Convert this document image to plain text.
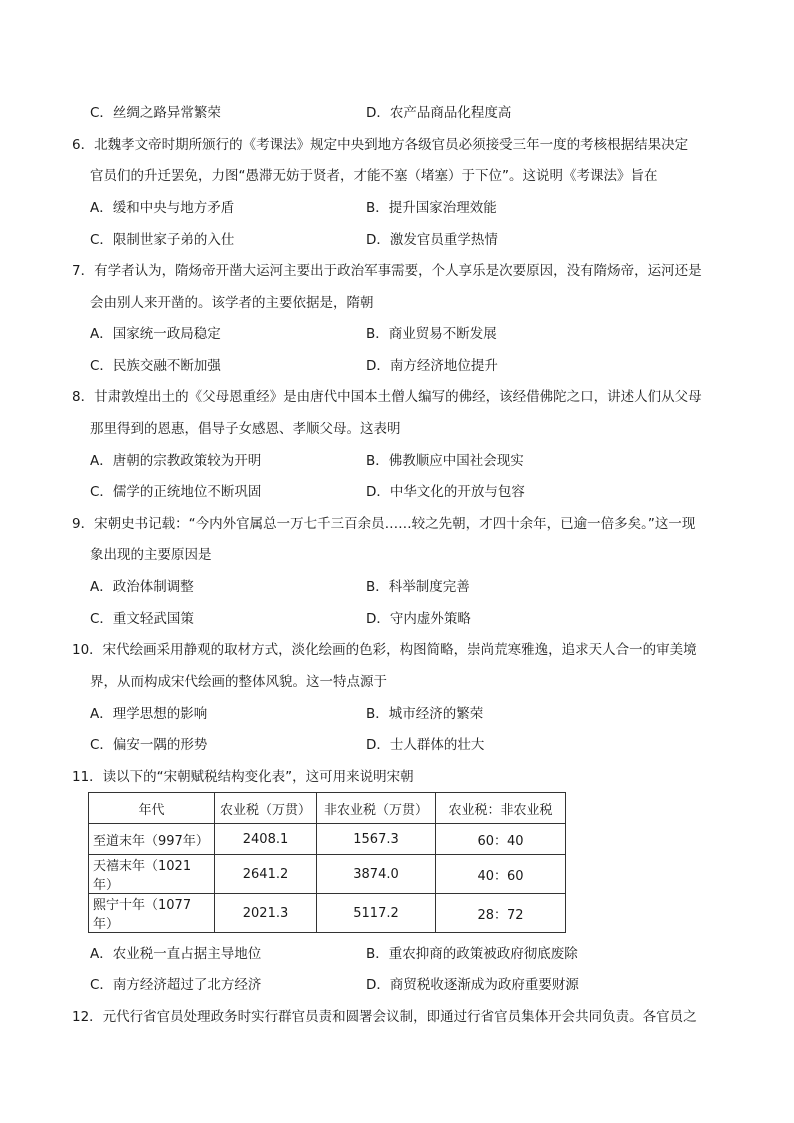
C．丝绸之路异常繁荣	D．农产品商品化程度高
6．北魏孝文帝时期所颁行的《考课法》规定中央到地方各级官员必须接受三年一度的考核根据结果决定
官员们的升迁罢免，力图“愚滞无妨于贤者，才能不塞（堵塞）于下位”。这说明《考课法》旨在
A．缓和中央与地方矛盾	B．提升国家治理效能
C．限制世家子弟的入仕	D．激发官员重学热情
7．有学者认为，隋炀帝开凿大运河主要出于政治军事需要，个人享乐是次要原因，没有隋炀帝，运河还是
会由别人来开凿的。该学者的主要依据是，隋朝
A．国家统一政局稳定	B．商业贸易不断发展
C．民族交融不断加强	D．南方经济地位提升
8．甘肃敦煌出土的《父母恩重经》是由唐代中国本土僧人编写的佛经，该经借佛陀之口，讲述人们从父母
那里得到的恩惠，倡导子女感恩、孝顺父母。这表明
A．唐朝的宗教政策较为开明	B．佛教顺应中国社会现实
C．儒学的正统地位不断巩固	D．中华文化的开放与包容
9．宋朝史书记载：“今内外官属总一万七千三百余员……较之先朝，才四十余年，已逾一倍多矣。”这一现
象出现的主要原因是
A．政治体制调整	B．科举制度完善
C．重文轻武国策	D．守内虚外策略
10．宋代绘画采用静观的取材方式，淡化绘画的色彩，构图简略，崇尚荒寒雅逸，追求天人合一的审美境
界，从而构成宋代绘画的整体风貌。这一特点源于
A．理学思想的影响	B．城市经济的繁荣
C．偏安一隅的形势	D．士人群体的壮大
11．读以下的“宋朝赋税结构变化表”，这可用来说明宋朝
年代	农业税（万贯）	非农业税（万贯）	农业税：非农业税
至道末年（997年）	2408.1	1567.3	60：40
天禧末年（1021年）	2641.2	3874.0	40：60
熙宁十年（1077年）	2021.3	5117.2	28：72
A．农业税一直占据主导地位	B．重农抑商的政策被政府彻底废除
C．南方经济超过了北方经济	D．商贸税收逐渐成为政府重要财源
12．元代行省官员处理政务时实行群官员责和圆署会议制，即通过行省官员集体开会共同负责。各官员之
